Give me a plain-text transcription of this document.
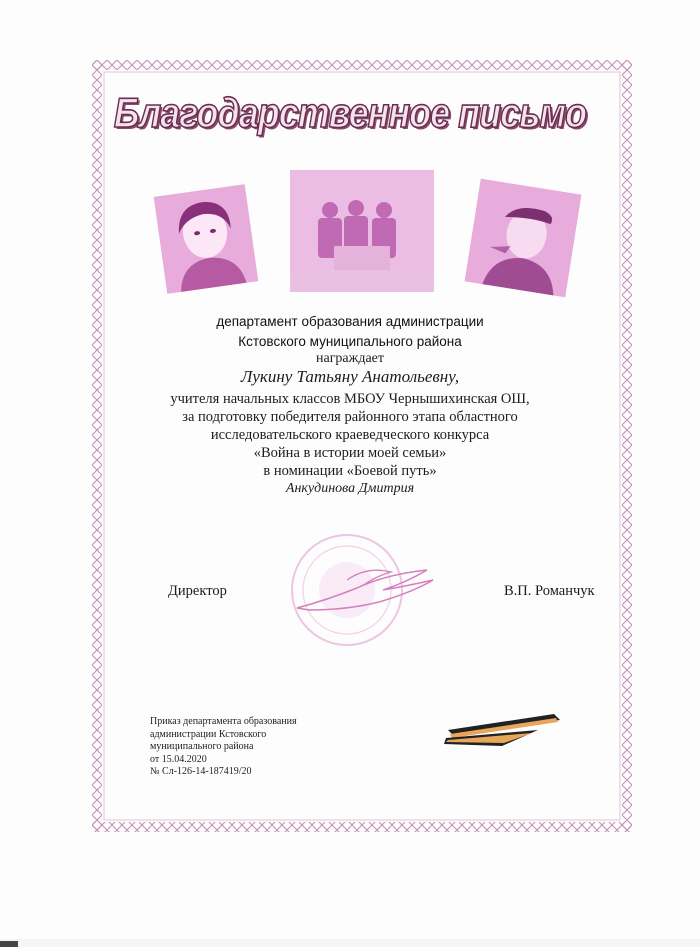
Благодарственное письмо
департамент образования администрации
Кстовского муниципального района
награждает
Лукину Татьяну Анатольевну,
учителя начальных классов МБОУ Чернышихинская ОШ,
за подготовку победителя районного этапа областного
исследовательского краеведческого конкурса
«Война в истории моей семьи»
в номинации «Боевой путь»
Анкудинова Дмитрия
Директор	В.П. Романчук
Приказ департамента образования
администрации Кстовского
муниципального района
от 15.04.2020
№ Сл-126-14-187419/20
